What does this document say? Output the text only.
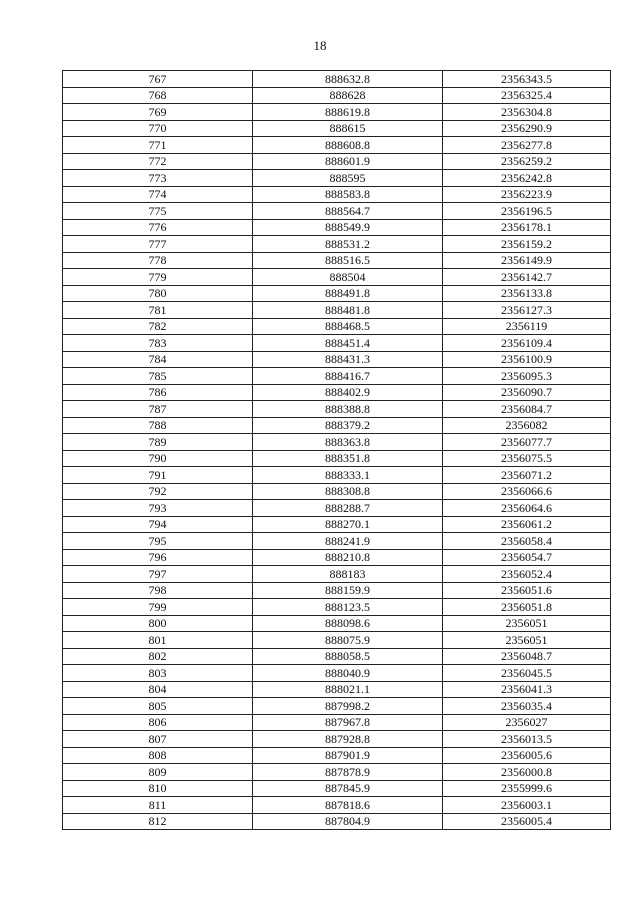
18
767	888632.8	2356343.5
768	888628	2356325.4
769	888619.8	2356304.8
770	888615	2356290.9
771	888608.8	2356277.8
772	888601.9	2356259.2
773	888595	2356242.8
774	888583.8	2356223.9
775	888564.7	2356196.5
776	888549.9	2356178.1
777	888531.2	2356159.2
778	888516.5	2356149.9
779	888504	2356142.7
780	888491.8	2356133.8
781	888481.8	2356127.3
782	888468.5	2356119
783	888451.4	2356109.4
784	888431.3	2356100.9
785	888416.7	2356095.3
786	888402.9	2356090.7
787	888388.8	2356084.7
788	888379.2	2356082
789	888363.8	2356077.7
790	888351.8	2356075.5
791	888333.1	2356071.2
792	888308.8	2356066.6
793	888288.7	2356064.6
794	888270.1	2356061.2
795	888241.9	2356058.4
796	888210.8	2356054.7
797	888183	2356052.4
798	888159.9	2356051.6
799	888123.5	2356051.8
800	888098.6	2356051
801	888075.9	2356051
802	888058.5	2356048.7
803	888040.9	2356045.5
804	888021.1	2356041.3
805	887998.2	2356035.4
806	887967.8	2356027
807	887928.8	2356013.5
808	887901.9	2356005.6
809	887878.9	2356000.8
810	887845.9	2355999.6
811	887818.6	2356003.1
812	887804.9	2356005.4
